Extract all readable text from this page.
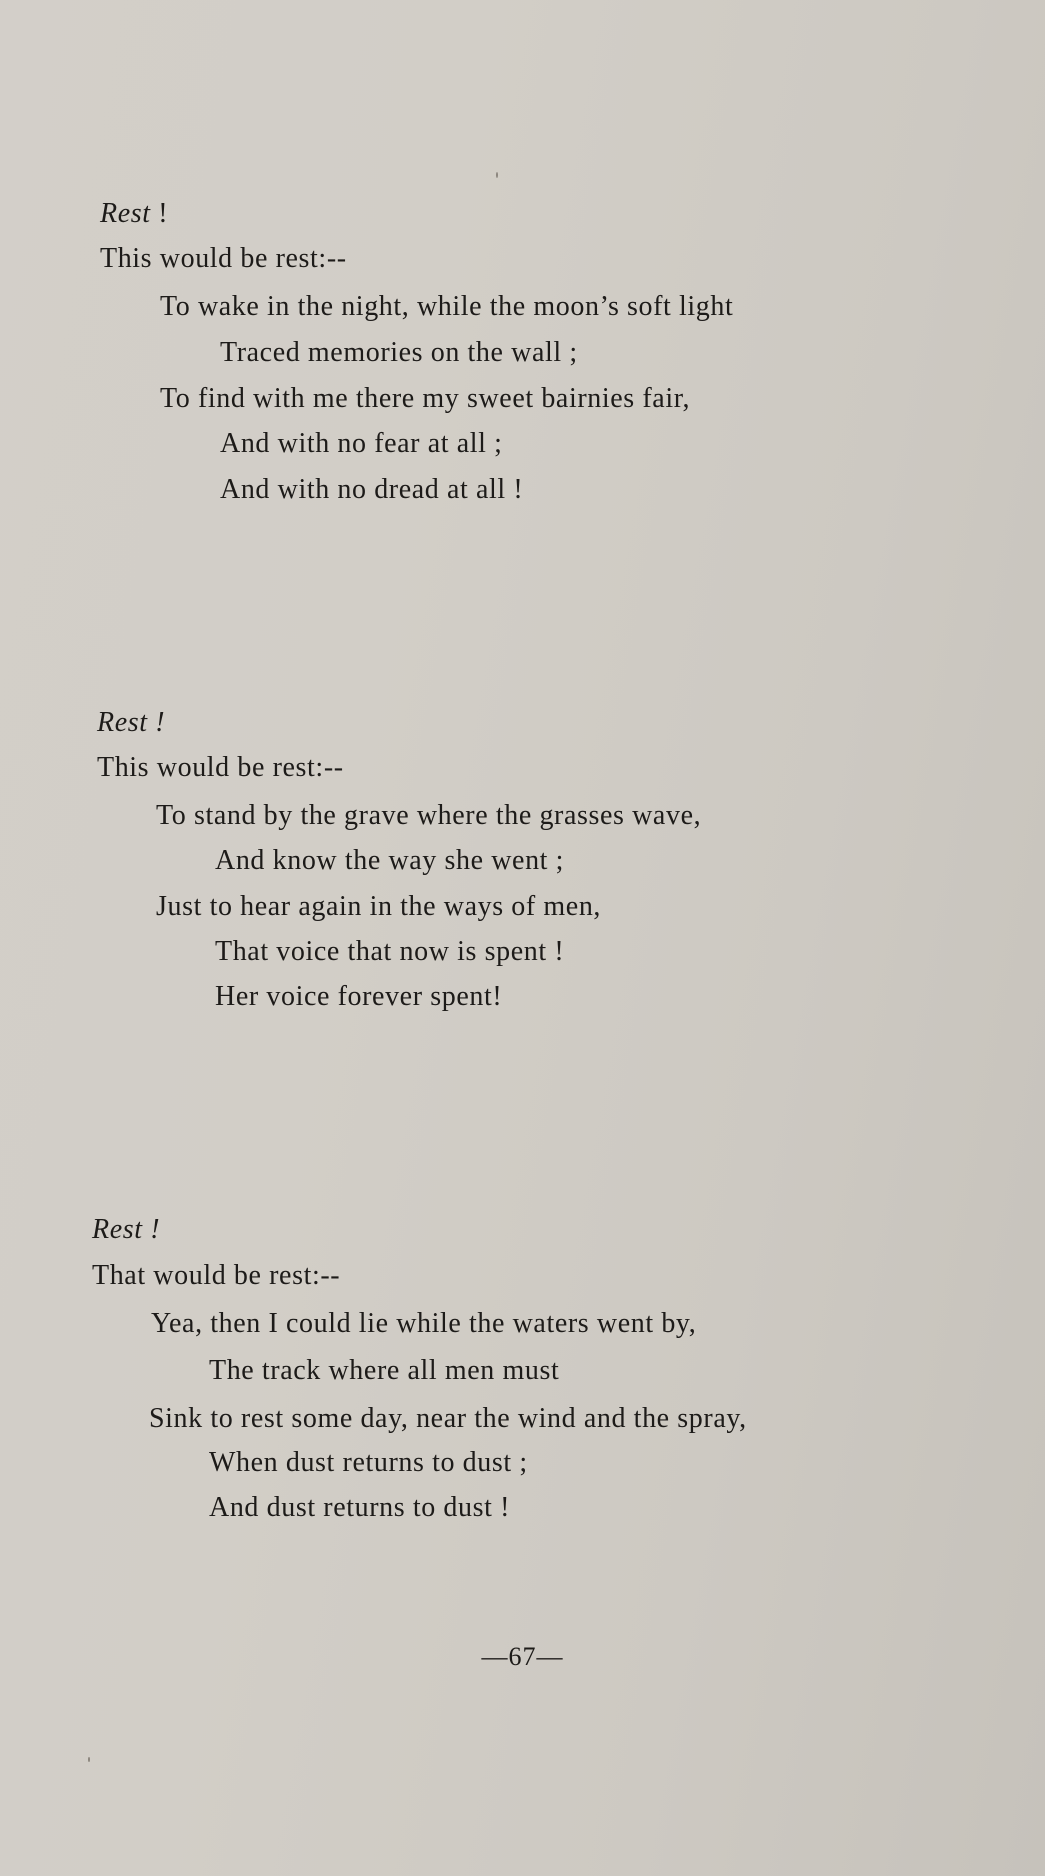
Rest !
This would be rest:--
To wake in the night, while the moon’s soft light
Traced memories on the wall ;
To find with me there my sweet bairnies fair,
And with no fear at all ;
And with no dread at all !
Rest !
This would be rest:--
To stand by the grave where the grasses wave,
And know the way she went ;
Just to hear again in the ways of men,
That voice that now is spent !
Her voice forever spent!
Rest !
That would be rest:--
Yea, then I could lie while the waters went by,
The track where all men must
Sink to rest some day, near the wind and the spray,
When dust returns to dust ;
And dust returns to dust !
—67—
